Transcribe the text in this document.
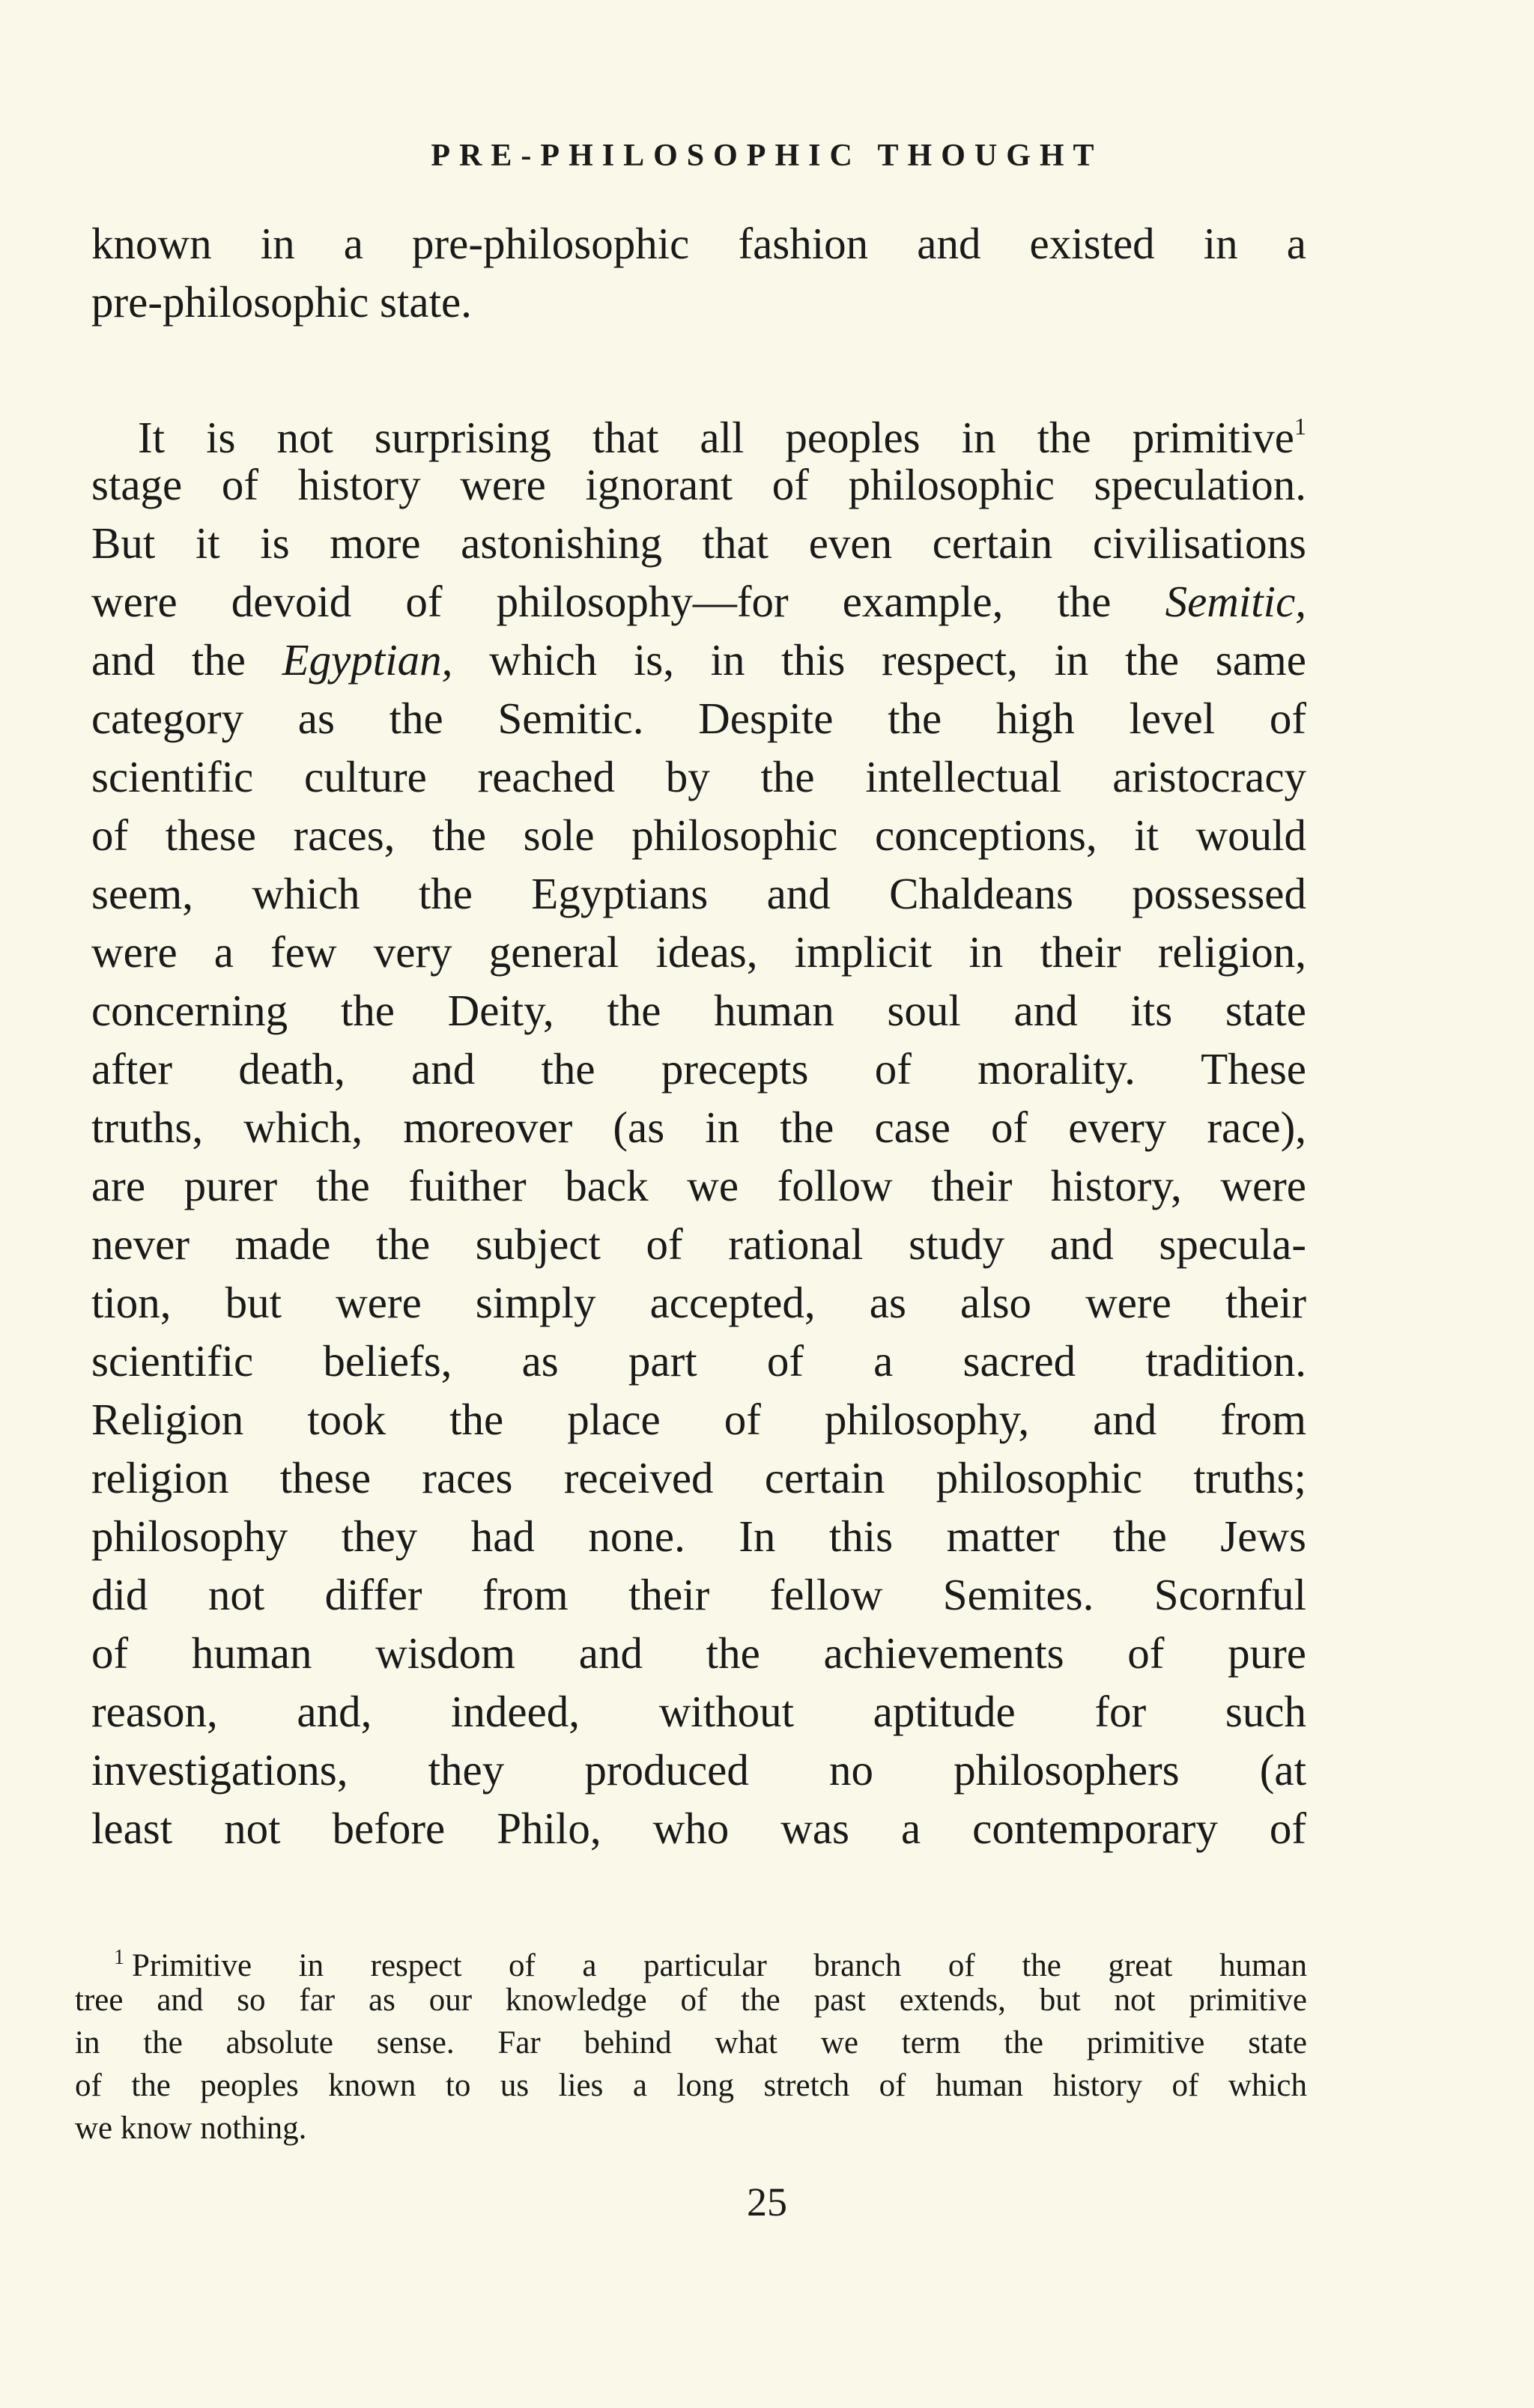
PRE-PHILOSOPHIC THOUGHT

known in a pre-philosophic fashion and existed in a
pre-philosophic state.

It is not surprising that all peoples in the primitive$^1$
stage of history were ignorant of philosophic speculation.
But it is more astonishing that even certain civilisations
were devoid of philosophy—for example, the Semitic,
and the Egyptian, which is, in this respect, in the same
category as the Semitic. Despite the high level of
scientific culture reached by the intellectual aristocracy
of these races, the sole philosophic conceptions, it would
seem, which the Egyptians and Chaldeans possessed
were a few very general ideas, implicit in their religion,
concerning the Deity, the human soul and its state
after death, and the precepts of morality. These
truths, which, moreover (as in the case of every race),
are purer the fuither back we follow their history, were
never made the subject of rational study and specula-
tion, but were simply accepted, as also were their
scientific beliefs, as part of a sacred tradition.
Religion took the place of philosophy, and from
religion these races received certain philosophic truths;
philosophy they had none. In this matter the Jews
did not differ from their fellow Semites. Scornful
of human wisdom and the achievements of pure
reason, and, indeed, without aptitude for such
investigations, they produced no philosophers (at
least not before Philo, who was a contemporary of

$^1$ Primitive in respect of a particular branch of the great human
tree and so far as our knowledge of the past extends, but not primitive
in the absolute sense. Far behind what we term the primitive state
of the peoples known to us lies a long stretch of human history of which
we know nothing.
25
